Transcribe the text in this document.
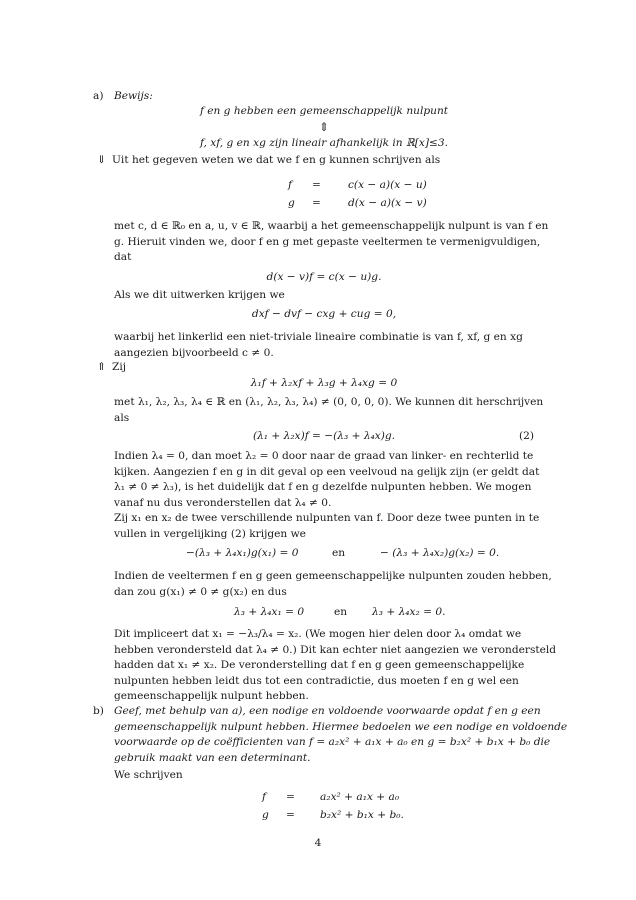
a) Bewijs:
f en g hebben een gemeenschappelijk nulpunt
⇕
f, xf, g en xg zijn lineair afhankelijk in ℝ[x]≤3.
⇓ Uit het gegeven weten we dat we f en g kunnen schrijven als
f =	c(x − a)(x − u)
g =	d(x − a)(x − v)
met c, d ∈ ℝ₀ en a, u, v ∈ ℝ, waarbij a het gemeenschappelijk nulpunt is van f en
g. Hieruit vinden we, door f en g met gepaste veeltermen te vermenigvuldigen,
dat
d(x − v)f = c(x − u)g.
Als we dit uitwerken krijgen we
dxf − dvf − cxg + cug = 0,
waarbij het linkerlid een niet-triviale lineaire combinatie is van f, xf, g en xg
aangezien bijvoorbeeld c ≠ 0.
⇑ Zij
λ₁f + λ₂xf + λ₃g + λ₄xg = 0
met λ₁, λ₂, λ₃, λ₄ ∈ ℝ en (λ₁, λ₂, λ₃, λ₄) ≠ (0, 0, 0, 0). We kunnen dit herschrijven
als
(λ₁ + λ₂x)f = −(λ₃ + λ₄x)g.	(2)
Indien λ₄ = 0, dan moet λ₂ = 0 door naar de graad van linker- en rechterlid te
kijken. Aangezien f en g in dit geval op een veelvoud na gelijk zijn (er geldt dat
λ₁ ≠ 0 ≠ λ₃), is het duidelijk dat f en g dezelfde nulpunten hebben. We mogen
vanaf nu dus veronderstellen dat λ₄ ≠ 0.
Zij x₁ en x₂ de twee verschillende nulpunten van f. Door deze twee punten in te
vullen in vergelijking (2) krijgen we
−(λ₃ + λ₄x₁)g(x₁) = 0	en	− (λ₃ + λ₄x₂)g(x₂) = 0.
Indien de veeltermen f en g geen gemeenschappelijke nulpunten zouden hebben,
dan zou g(x₁) ≠ 0 ≠ g(x₂) en dus
λ₃ + λ₄x₁ = 0	en λ₃ + λ₄x₂ = 0.
Dit impliceert dat x₁ = −λ₃/λ₄ = x₂. (We mogen hier delen door λ₄ omdat we
hebben verondersteld dat λ₄ ≠ 0.) Dit kan echter niet aangezien we verondersteld
hadden dat x₁ ≠ x₂. De veronderstelling dat f en g geen gemeenschappelijke
nulpunten hebben leidt dus tot een contradictie, dus moeten f en g wel een
gemeenschappelijk nulpunt hebben.
b) Geef, met behulp van a), een nodige en voldoende voorwaarde opdat f en g een
gemeenschappelijk nulpunt hebben. Hiermee bedoelen we een nodige en voldoende
voorwaarde op de coëfficienten van f = a₂x² + a₁x + a₀ en g = b₂x² + b₁x + b₀ die
gebruik maakt van een determinant.
We schrijven
f = a₂x² + a₁x + a₀
g = b₂x² + b₁x + b₀.
4
